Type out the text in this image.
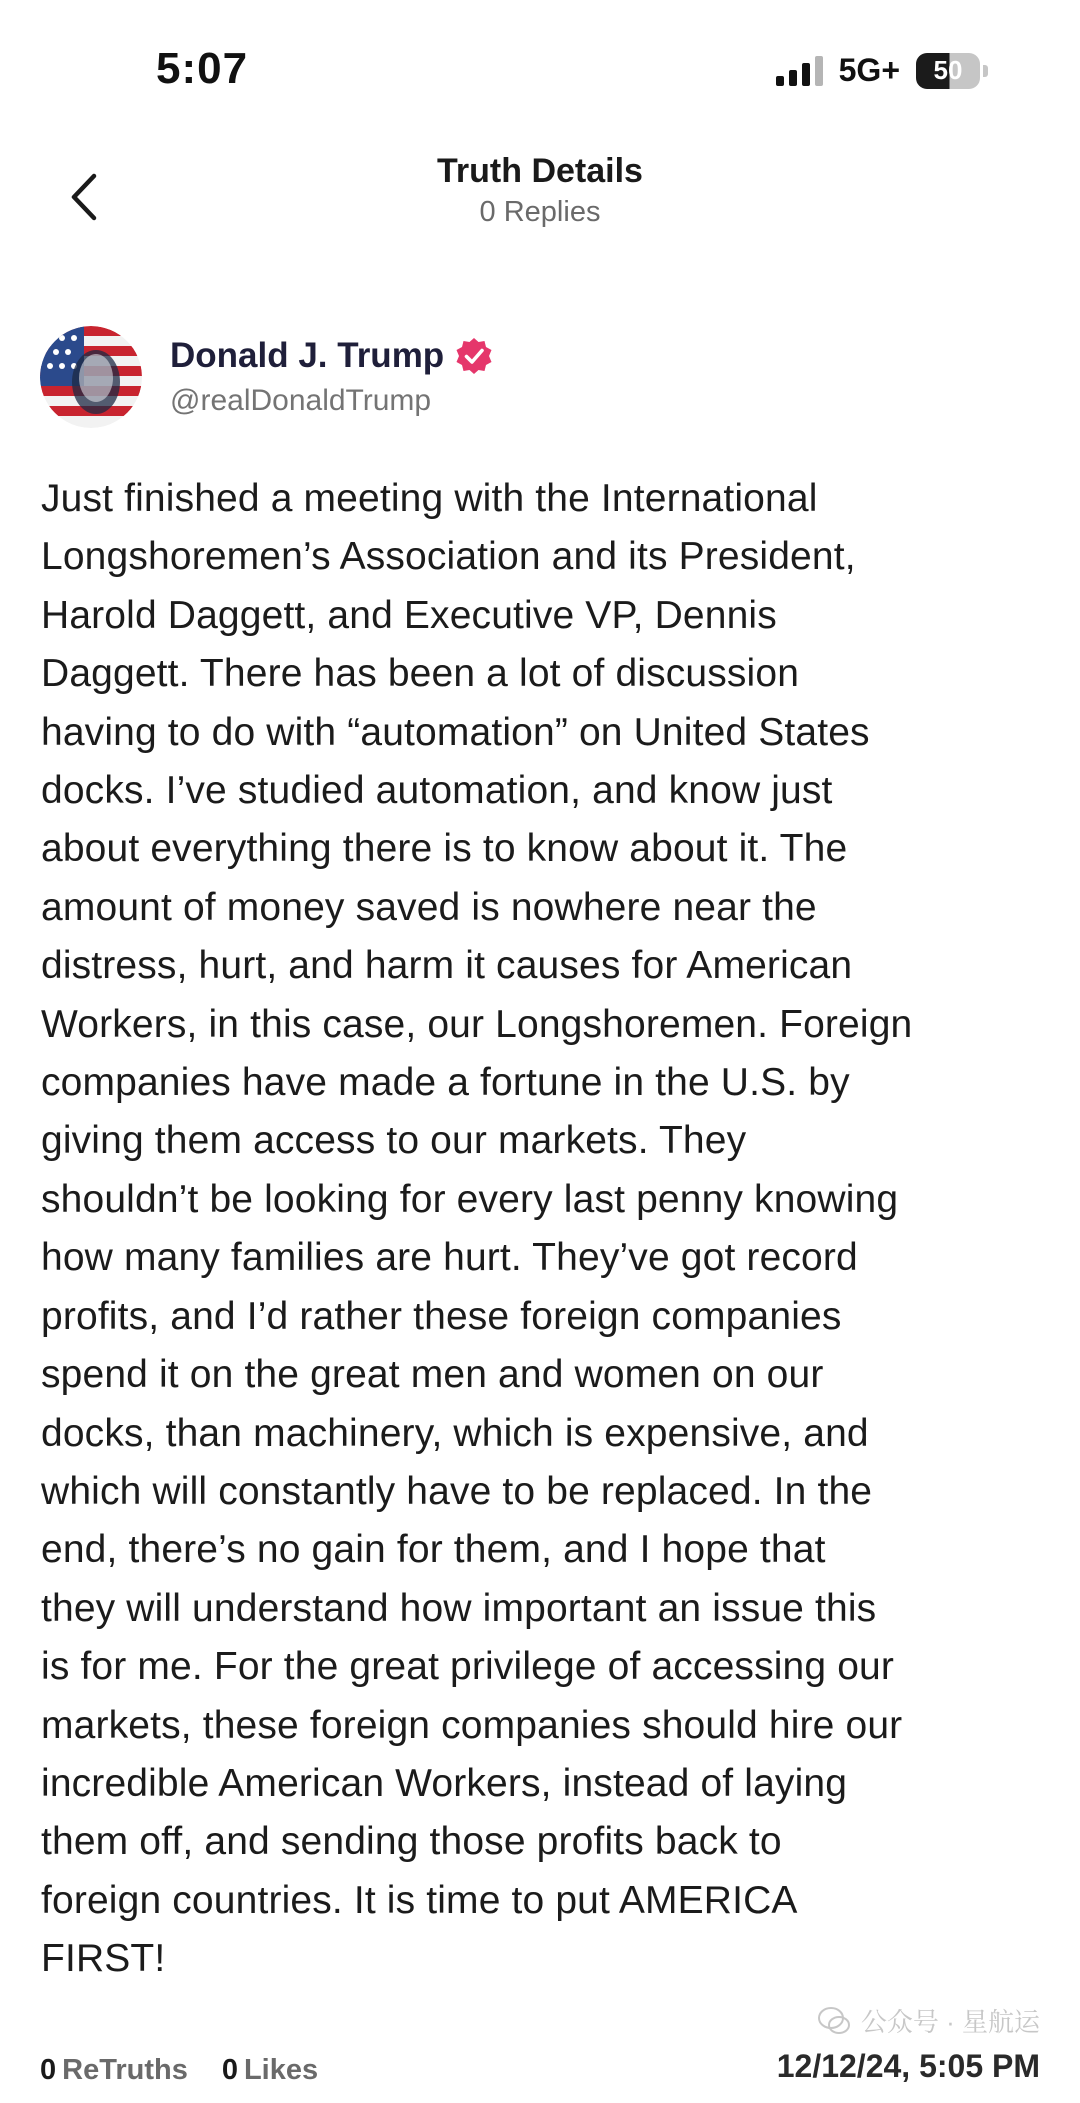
5:07	5G+	50
Truth Details
0 Replies
Donald J. Trump
@realDonaldTrump
Just finished a meeting with the International
Longshoremen’s Association and its President,
Harold Daggett, and Executive VP, Dennis
Daggett. There has been a lot of discussion
having to do with “automation” on United States
docks. I’ve studied automation, and know just
about everything there is to know about it. The
amount of money saved is nowhere near the
distress, hurt, and harm it causes for American
Workers, in this case, our Longshoremen. Foreign
companies have made a fortune in the U.S. by
giving them access to our markets. They
shouldn’t be looking for every last penny knowing
how many families are hurt. They’ve got record
profits, and I’d rather these foreign companies
spend it on the great men and women on our
docks, than machinery, which is expensive, and
which will constantly have to be replaced. In the
end, there’s no gain for them, and I hope that
they will understand how important an issue this
is for me. For the great privilege of accessing our
markets, these foreign companies should hire our
incredible American Workers, instead of laying
them off, and sending those profits back to
foreign countries. It is time to put AMERICA
FIRST!
公众号 · 星航运
0 ReTruths 0 Likes	12/12/24, 5:05 PM
